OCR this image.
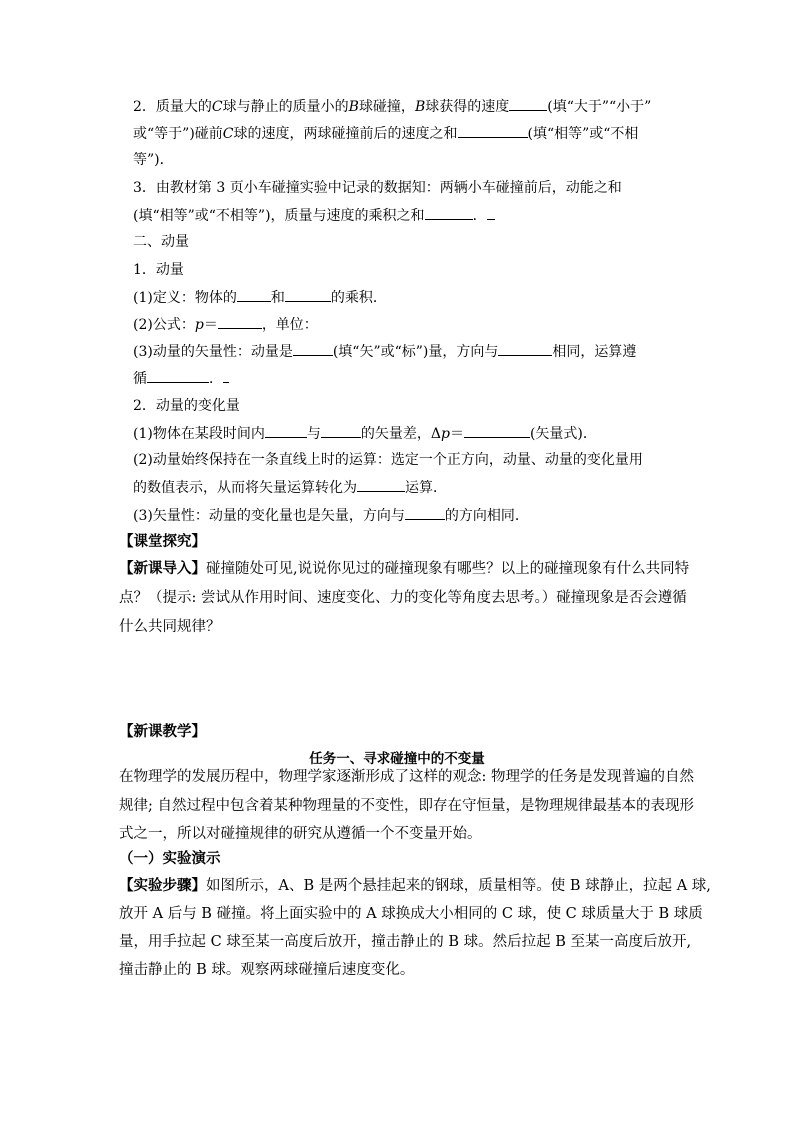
2．质量大的C球与静止的质量小的B球碰撞，B球获得的速度	(填“大于”“小于”
或“等于”)碰前C球的速度，两球碰撞前后的速度之和	(填“相等”或“不相
等”)．
3．由教材第 3 页小车碰撞实验中记录的数据知：两辆小车碰撞前后，动能之和
(填“相等”或“不相等”)，质量与速度的乘积之和	．
二、动量
1．动量
(1)定义：物体的 和	的乘积．
(2)公式：p＝	，单位：
(3)动量的矢量性：动量是	(填“矢”或“标”)量，方向与	相同，运算遵
循	．
2．动量的变化量
(1)物体在某段时间内	与	的矢量差，Δp＝	(矢量式)．
(2)动量始终保持在一条直线上时的运算：选定一个正方向，动量、动量的变化量用
的数值表示，从而将矢量运算转化为	运算．
(3)矢量性：动量的变化量也是矢量，方向与	的方向相同．
【课堂探究】
【新课导入】碰撞随处可见,说说你见过的碰撞现象有哪些？以上的碰撞现象有什么共同特
点？（提示: 尝试从作用时间、速度变化、力的变化等角度去思考。）碰撞现象是否会遵循
什么共同规律？
【新课教学】
任务一、寻求碰撞中的不变量
在物理学的发展历程中，物理学家逐渐形成了这样的观念: 物理学的任务是发现普遍的自然
规律; 自然过程中包含着某种物理量的不变性，即存在守恒量，是物理规律最基本的表现形
式之一，所以对碰撞规律的研究从遵循一个不变量开始。
（一）实验演示
【实验步骤】如图所示，A、B 是两个悬挂起来的钢球，质量相等。使 B 球静止，拉起 A 球,
放开 A 后与 B 碰撞。将上面实验中的 A 球换成大小相同的 C 球，使 C 球质量大于 B 球质
量，用手拉起 C 球至某一高度后放开，撞击静止的 B 球。然后拉起 B 至某一高度后放开,
撞击静止的 B 球。观察两球碰撞后速度变化。
